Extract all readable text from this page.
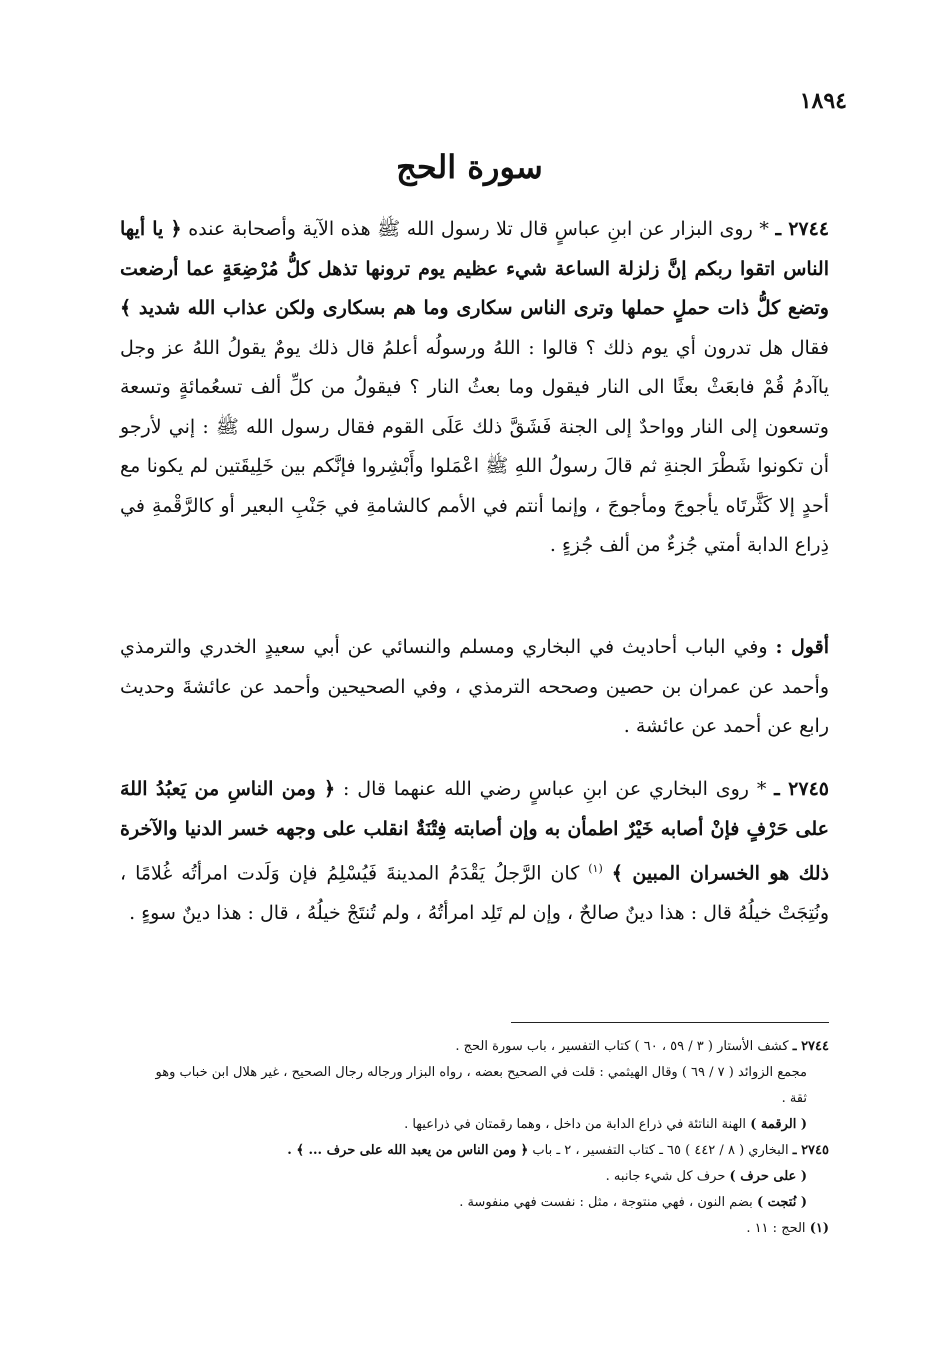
١٨٩٤
سورة الحج

٢٧٤٤ ـ * روى البزار عن ابنِ عباسٍ قال تلا رسول الله ﷺ هذه الآية وأصحابة عنده ﴿ يا أيها الناس اتقوا ربكم إنَّ زلزلة الساعة شيء عظيم يوم ترونها تذهل كلُّ مُرْضِعَةٍ عما أرضعت وتضع كلُّ ذات حملٍ حملها وترى الناس سكارى وما هم بسكارى ولكن عذاب الله شديد ﴾ فقال هل تدرون أي يوم ذلك ؟ قالوا : اللهُ ورسولُه أعلمُ قال ذلك يومٌ يقولُ اللهُ عز وجل ياآدمُ قُمْ فابعَثْ بعثًا الى النار فيقول وما بعثُ النار ؟ فيقولُ من كلِّ ألف تسعُمائةٍ وتسعة وتسعون إلى النار وواحدٌ إلى الجنة فَشَقَّ ذلك عَلَى القوم فقال رسول الله ﷺ : إني لأرجو أن تكونوا شَطْرَ الجنةِ ثم قالَ رسولُ اللهِ ﷺ اعْمَلوا وأَبْشِروا فإنَّكم بين خَلِيقَتين لم يكونا مع أحدٍ إلا كَثَّرتَاه يأجوجَ ومأجوجَ ، وإنما أنتم في الأمم كالشامةِ في جَنْبِ البعير أو كالرَّقْمةِ في ذِراع الدابة أمتي جُزءٌ من ألف جُزءٍ .

أقول : وفي الباب أحاديث في البخاري ومسلم والنسائي عن أبي سعيدٍ الخدري والترمذي وأحمد عن عمران بن حصين وصححه الترمذي ، وفي الصحيحين وأحمد عن عائشةَ وحديث رابع عن أحمد عن عائشة .

٢٧٤٥ ـ * روى البخاري عن ابنِ عباسٍ رضي الله عنهما قال : ﴿ ومن الناسِ من يَعبُدُ اللهَ على حَرْفٍ فإنْ أصابه خَيْرٌ اطمأن به وإن أصابته فِتْنَةٌ انقلب على وجهه خسر الدنيا والآخرة ذلك هو الخسران المبين ﴾ $^{(١)}$ كان الرَّجلُ يَقْدَمُ المدينةَ فَيُسْلِمُ فإن وَلَدت امرأتُه غُلامًا ، ونُتِجَتْ خيلُهُ قال : هذا دينٌ صالحٌ ، وإن لم تَلِد امرأتُهُ ، ولم تُنتَجْ خيلُهُ ، قال : هذا دينٌ سوءٍ .

٢٧٤٤ ـ كشف الأستار ( ٣ / ٥٩ ، ٦٠ ) كتاب التفسير ، باب سورة الحج .

مجمع الزوائد ( ٧ / ٦٩ ) وقال الهيثمي : قلت في الصحيح بعضه ، رواه البزار ورجاله رجال الصحيح ، غير هلال ابن خباب وهو ثقة .

( الرقمة ) الهنة الناتئة في ذراع الدابة من داخل ، وهما رقمتان في ذراعيها .

٢٧٤٥ ـ البخاري ( ٨ / ٤٤٢ ) ٦٥ ـ كتاب التفسير ، ٢ ـ باب ﴿ ومن الناس من يعبد الله على حرف ... ﴾ .

( على حرف ) حرف كل شيء جانبه .

( نُتجت ) بضم النون ، فهي منتوجة ، مثل : نفست فهي منفوسة .

(١) الحج : ١١ .
